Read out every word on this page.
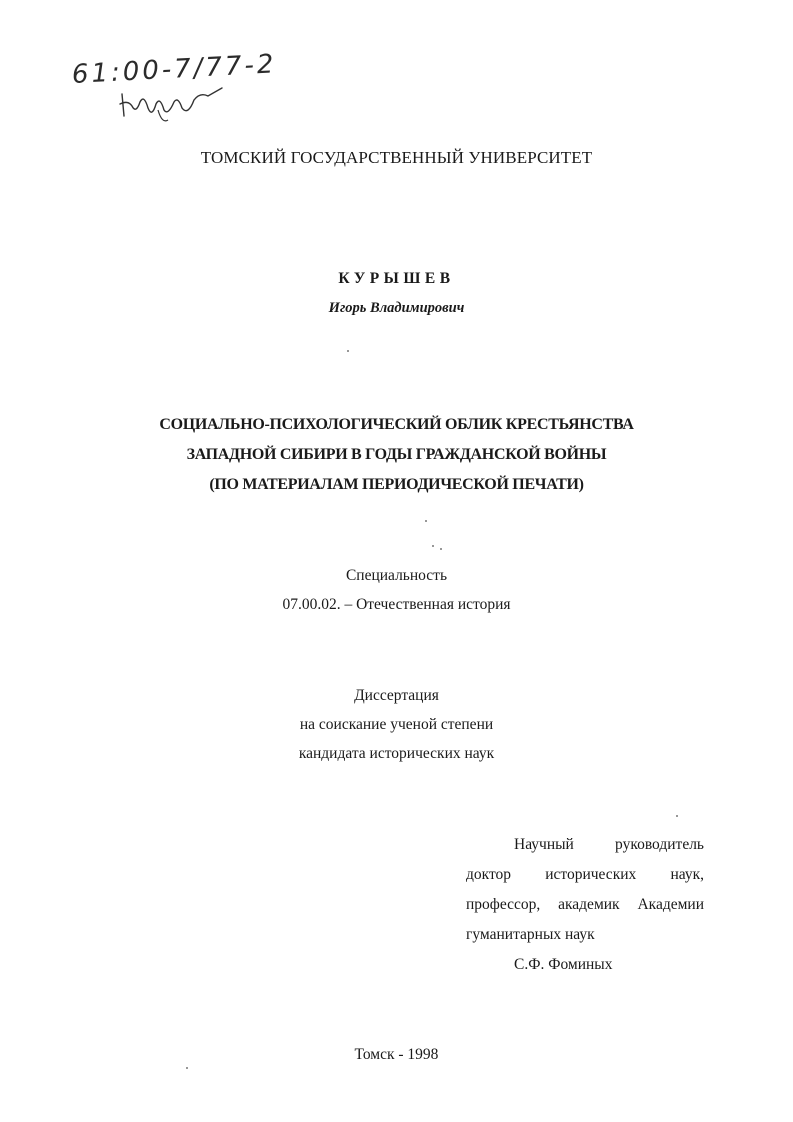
61:00-7/77-2
ТОМСКИЙ ГОСУДАРСТВЕННЫЙ УНИВЕРСИТЕТ
КУРЫШЕВ
Игорь Владимирович
СОЦИАЛЬНО-ПСИХОЛОГИЧЕСКИЙ ОБЛИК КРЕСТЬЯНСТВА
ЗАПАДНОЙ СИБИРИ В ГОДЫ ГРАЖДАНСКОЙ ВОЙНЫ
(ПО МАТЕРИАЛАМ ПЕРИОДИЧЕСКОЙ ПЕЧАТИ)
Специальность
07.00.02. – Отечественная история
Диссертация
на соискание ученой степени
кандидата исторических наук
Научный руководитель
доктор исторических наук,
профессор, академик Академии
гуманитарных наук
С.Ф. Фоминых
Томск - 1998
